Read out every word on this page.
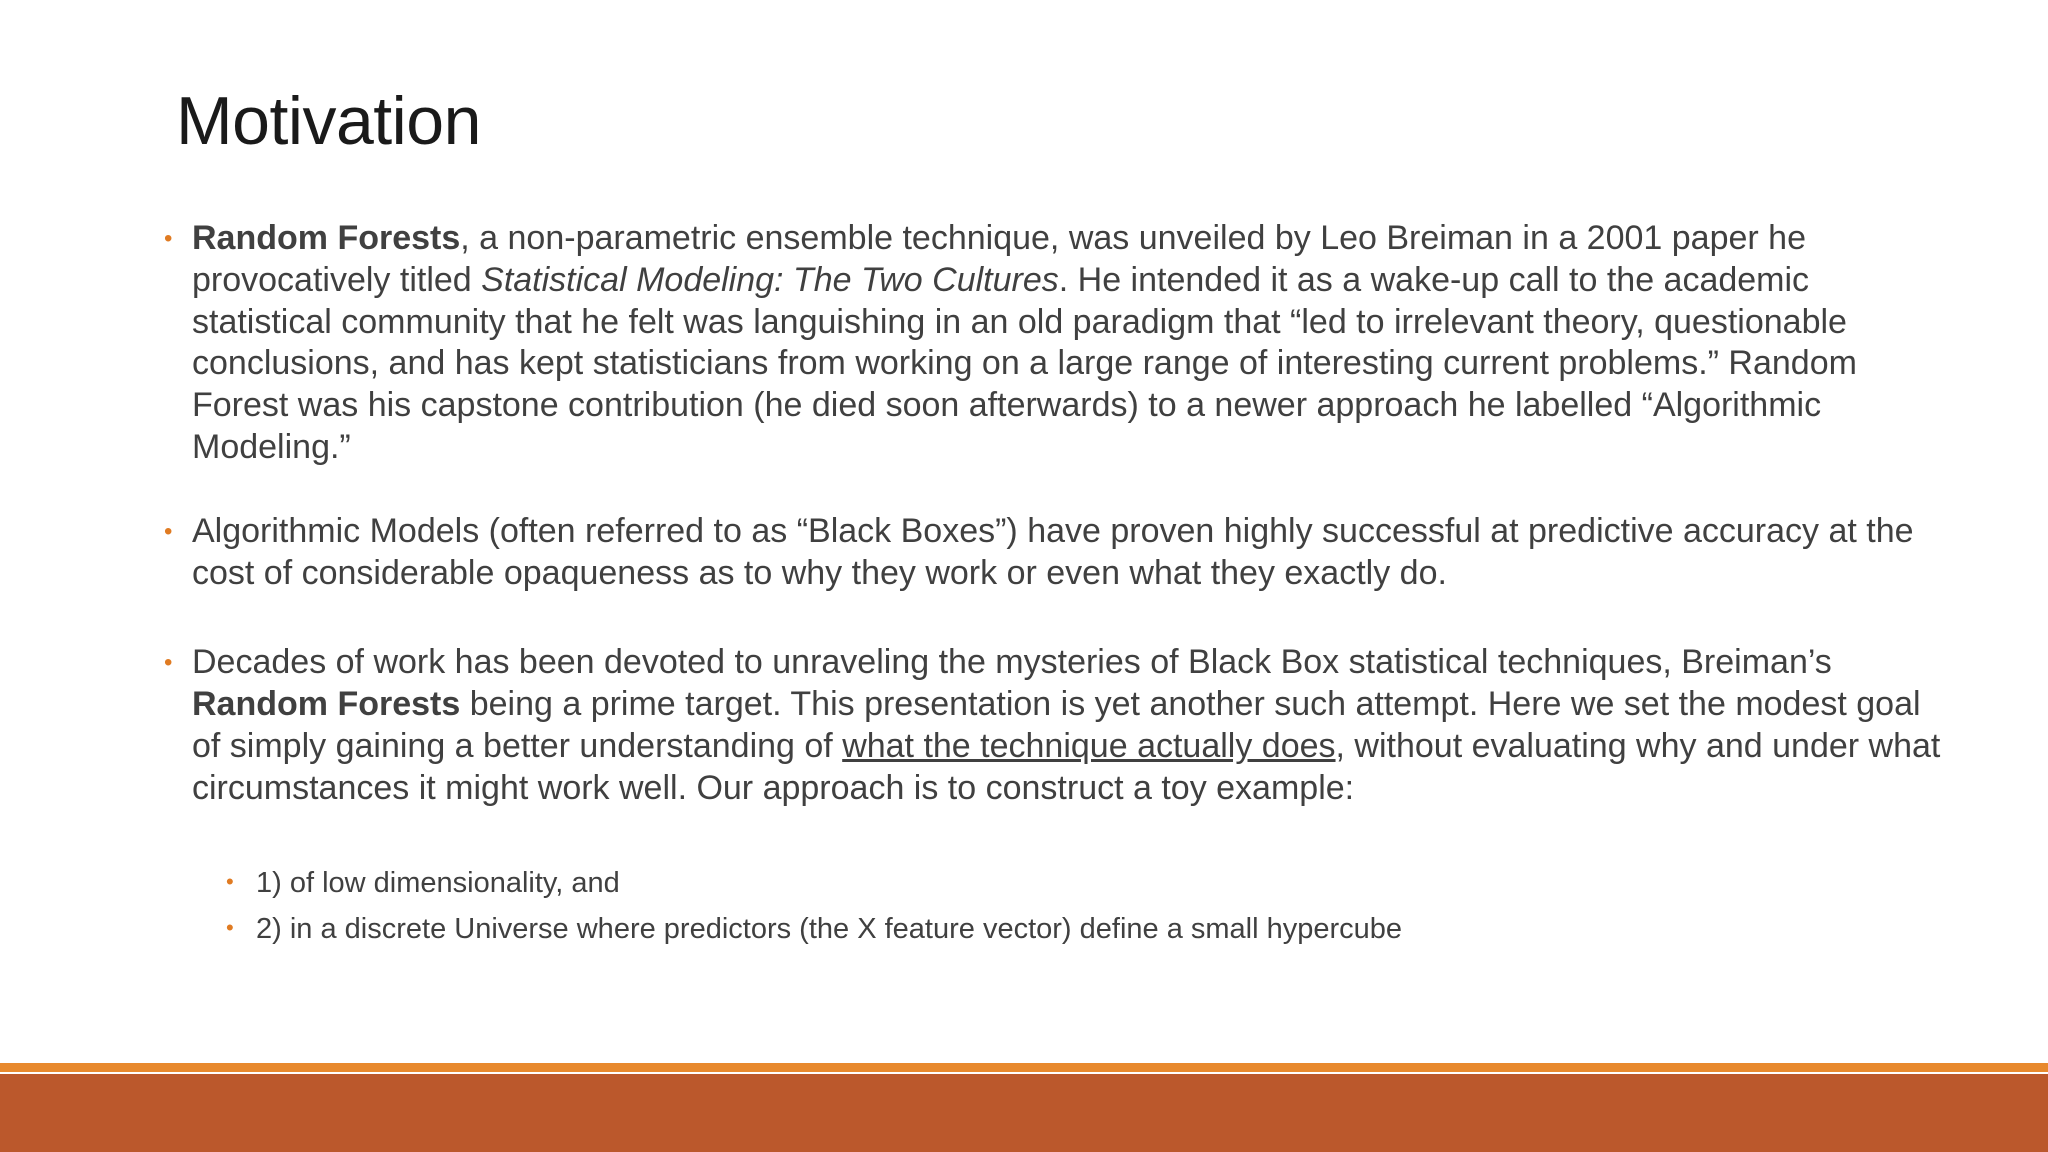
Motivation
• Random Forests, a non-parametric ensemble technique, was unveiled by Leo Breiman in a 2001 paper he provocatively titled Statistical Modeling: The Two Cultures. He intended it as a wake-up call to the academic statistical community that he felt was languishing in an old paradigm that “led to irrelevant theory, questionable conclusions, and has kept statisticians from working on a large range of interesting current problems.” Random Forest was his capstone contribution (he died soon afterwards) to a newer approach he labelled “Algorithmic Modeling.”
• Algorithmic Models (often referred to as “Black Boxes”) have proven highly successful at predictive accuracy at the cost of considerable opaqueness as to why they work or even what they exactly do.
• Decades of work has been devoted to unraveling the mysteries of Black Box statistical techniques, Breiman’s Random Forests being a prime target. This presentation is yet another such attempt. Here we set the modest goal of simply gaining a better understanding of what the technique actually does, without evaluating why and under what circumstances it might work well. Our approach is to construct a toy example:
• 1) of low dimensionality, and
• 2) in a discrete Universe where predictors (the X feature vector) define a small hypercube
